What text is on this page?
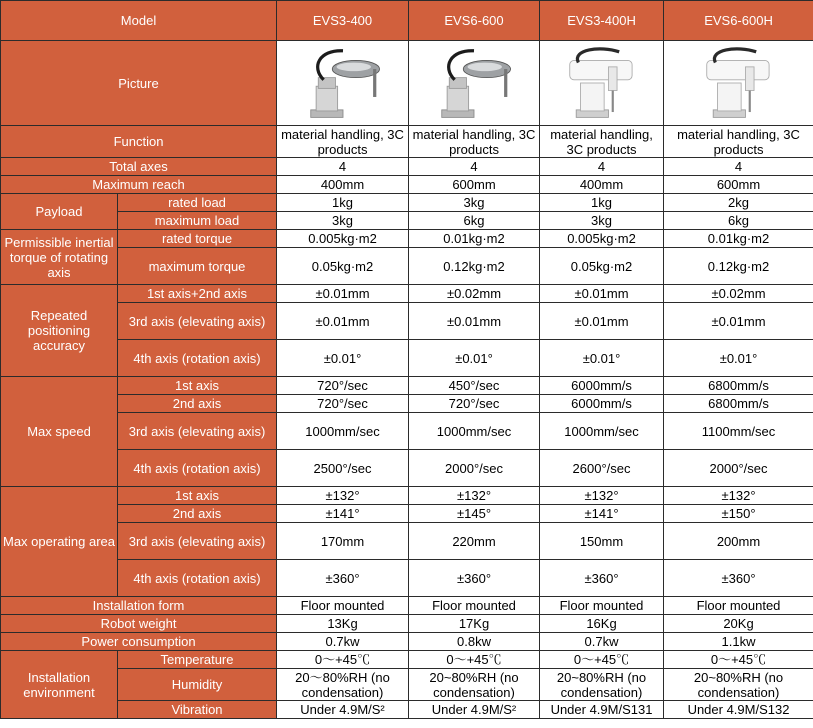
Model		EVS3-400	EVS6-600	EVS3-400H	EVS6-600H
Picture	

Function		material handling, 3C products	material handling, 3C products	material handling, 3C products	material handling, 3C products
Total axes		4	4	4	4
Maximum reach		400mm	600mm	400mm	600mm
Payload	rated load	1kg	3kg	1kg	2kg
	maximum load	3kg	6kg	3kg	6kg
Permissible inertial torque of rotating axis	rated torque	0.005kg·m2	0.01kg·m2	0.005kg·m2	0.01kg·m2
	maximum torque	0.05kg·m2	0.12kg·m2	0.05kg·m2	0.12kg·m2
Repeated positioning accuracy	1st axis+2nd axis	±0.01mm	±0.02mm	±0.01mm	±0.02mm
	3rd axis (elevating axis)	±0.01mm	±0.01mm	±0.01mm	±0.01mm
	4th axis (rotation axis)	±0.01°	±0.01°	±0.01°	±0.01°
Max speed	1st axis	720°/sec	450°/sec	6000mm/s	6800mm/s
	2nd axis	720°/sec	720°/sec	6000mm/s	6800mm/s
	3rd axis (elevating axis)	1000mm/sec	1000mm/sec	1000mm/sec	1100mm/sec
	4th axis (rotation axis)	2500°/sec	2000°/sec	2600°/sec	2000°/sec
Max operating area	1st axis	±132°	±132°	±132°	±132°
	2nd axis	±141°	±145°	±141°	±150°
	3rd axis (elevating axis)	170mm	220mm	150mm	200mm
	4th axis (rotation axis)	±360°	±360°	±360°	±360°
Installation form		Floor mounted	Floor mounted	Floor mounted	Floor mounted
Robot weight		13Kg	17Kg	16Kg	20Kg
Power consumption		0.7kw	0.8kw	0.7kw	1.1kw
Installation environment	Temperature	0～+45℃	0～+45℃	0～+45℃	0～+45℃
	Humidity	20～80%RH (no condensation)	20~80%RH (no condensation)	20~80%RH (no condensation)	20~80%RH (no condensation)
	Vibration	Under 4.9M/S²	Under 4.9M/S²	Under 4.9M/S131	Under 4.9M/S132
